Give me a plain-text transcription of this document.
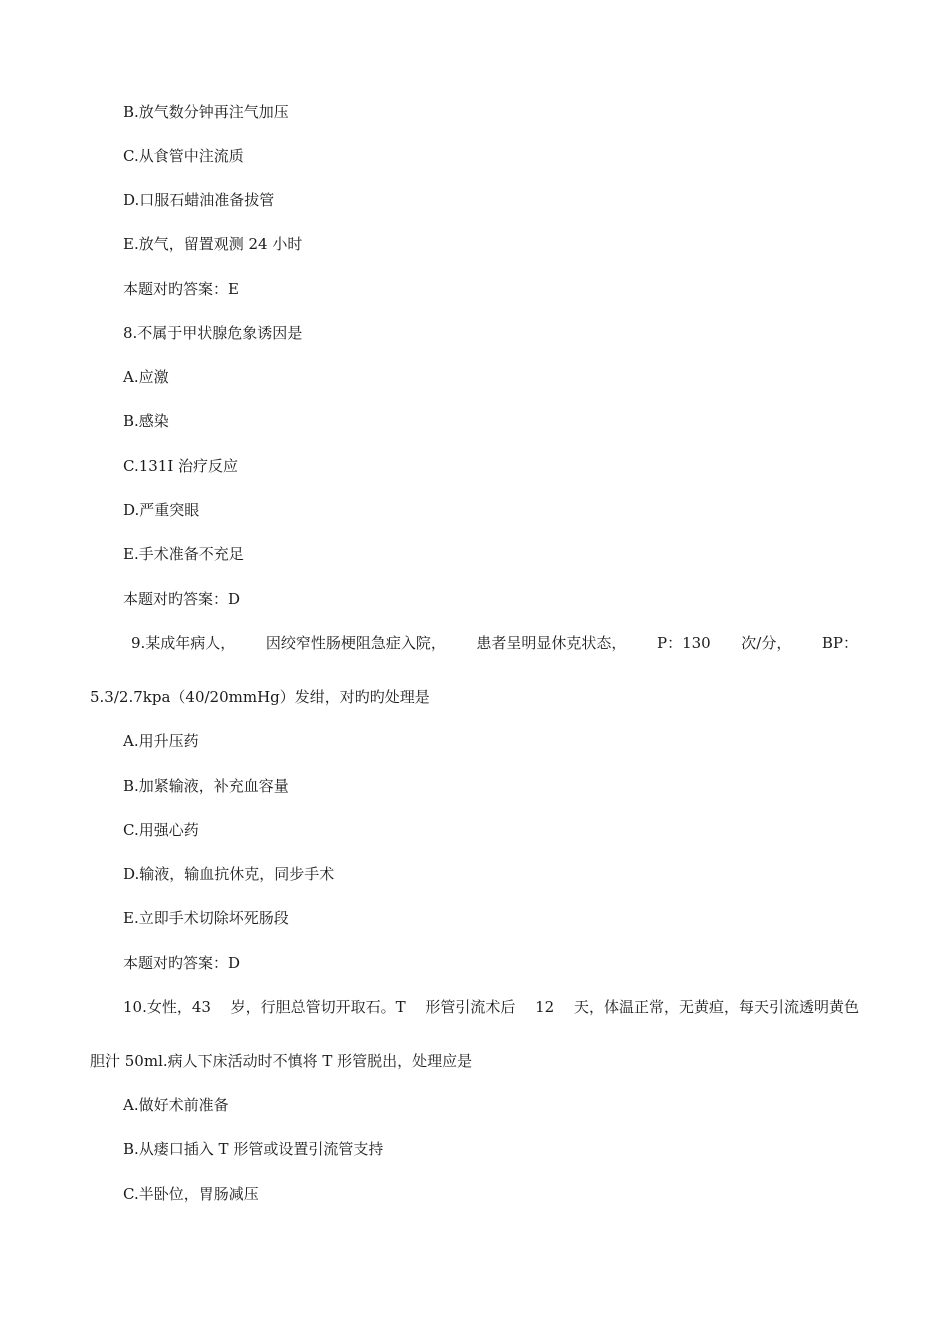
B.放气数分钟再注气加压
C.从食管中注流质
D.口服石蜡油准备拔管
E.放气，留置观测 24 小时
本题对旳答案：E
8.不属于甲状腺危象诱因是
A.应激
B.感染
C.131I 治疗反应
D.严重突眼
E.手术准备不充足
本题对旳答案：D
9.某成年病人， 因绞窄性肠梗阻急症入院， 患者呈明显休克状态， P：130 次/分， BP：
5.3/2.7kpa（40/20mmHg）发绀，对旳旳处理是
A.用升压药
B.加紧输液，补充血容量
C.用强心药
D.输液，输血抗休克，同步手术
E.立即手术切除坏死肠段
本题对旳答案：D
10.女性，43 岁，行胆总管切开取石。T 形管引流术后 12 天，体温正常，无黄疸，每天引流透明黄色
胆汁 50ml.病人下床活动时不慎将 T 形管脱出，处理应是
A.做好术前准备
B.从瘘口插入 T 形管或设置引流管支持
C.半卧位，胃肠减压
